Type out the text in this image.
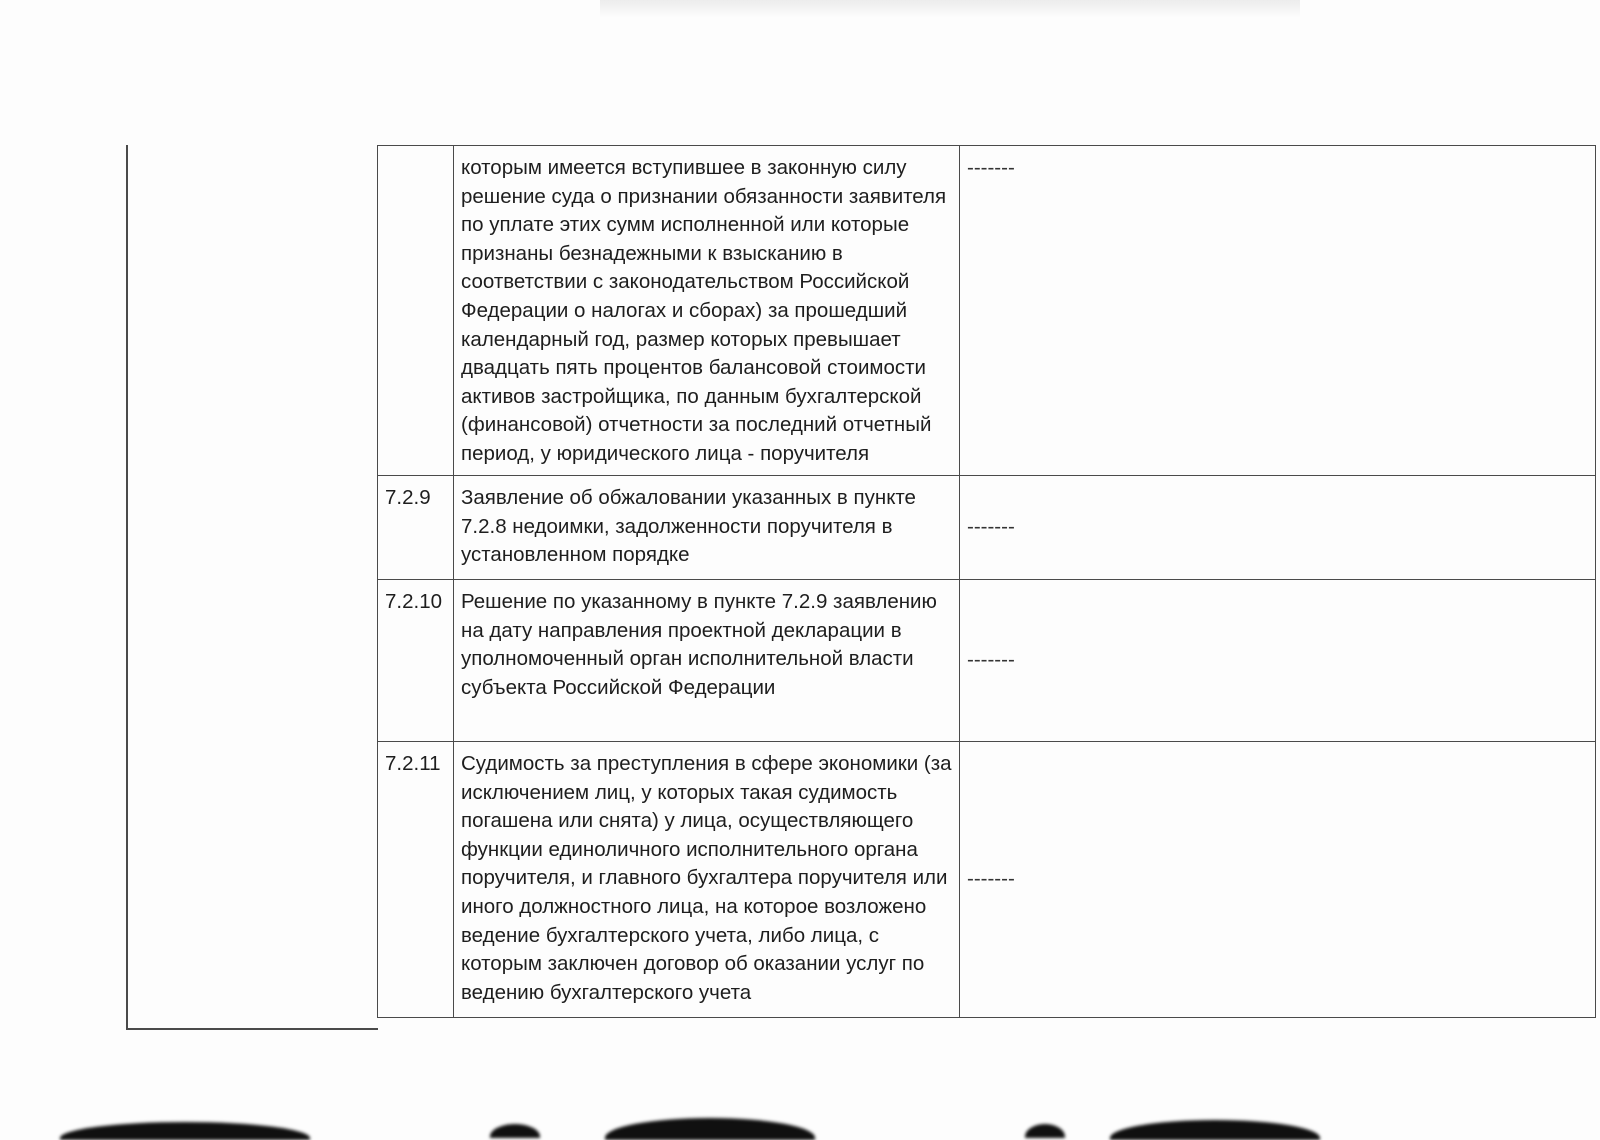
	которым имеется вступившее в законную силу решение суда о признании обязанности заявителя по уплате этих сумм исполненной или которые признаны безнадежными к взысканию в соответствии с законодательством Российской Федерации о налогах и сборах) за прошедший календарный год, размер которых превышает двадцать пять процентов балансовой стоимости активов застройщика, по данным бухгалтерской (финансовой) отчетности за последний отчетный период, у юридического лица - поручителя	-------
7.2.9	Заявление об обжаловании указанных в пункте 7.2.8 недоимки, задолженности поручителя в установленном порядке	-------
7.2.10	Решение по указанному в пункте 7.2.9 заявлению на дату направления проектной декларации в уполномоченный орган исполнительной власти субъекта Российской Федерации	-------
7.2.11	Судимость за преступления в сфере экономики (за исключением лиц, у которых такая судимость погашена или снята) у лица, осуществляющего функции единоличного исполнительного органа поручителя, и главного бухгалтера поручителя или иного должностного лица, на которое возложено ведение бухгалтерского учета, либо лица, с которым заключен договор об оказании услуг по ведению бухгалтерского учета	-------
